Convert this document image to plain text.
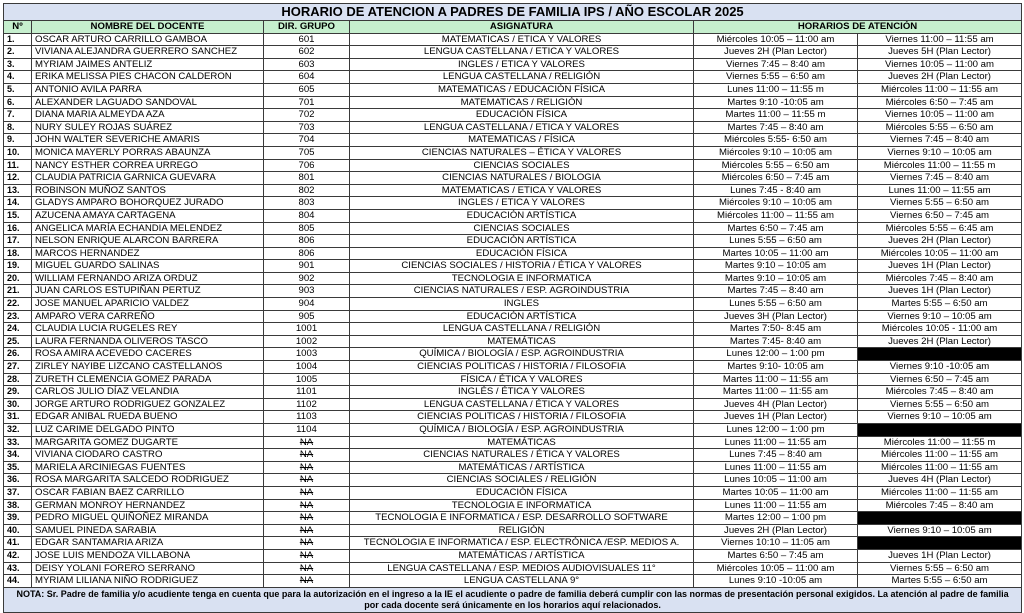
HORARIO DE ATENCION A PADRES DE FAMILIA IPS / AÑO ESCOLAR 2025					
Nº	NOMBRE DEL DOCENTE	DIR. GRUPO	ASIGNATURA	HORARIOS DE ATENCIÓN	
1.	OSCAR ARTURO CARRILLO GAMBOA	601	MATEMATICAS / ETICA Y VALORES	Miércoles 10:05 – 11:00 am	Viernes 11:00 – 11:55 am
2.	VIVIANA ALEJANDRA GUERRERO SANCHEZ	602	LENGUA CASTELLANA / ETICA Y VALORES	Jueves 2H (Plan Lector)	Jueves 5H (Plan Lector)
3.	MYRIAM JAIMES ANTELIZ	603	INGLES / ETICA Y VALORES	Viernes 7:45 – 8:40 am	Viernes 10:05 – 11:00 am
4.	ERIKA MELISSA PIES CHACON CALDERON	604	LENGUA CASTELLANA / RELIGIÓN	Viernes 5:55 – 6:50 am	Jueves 2H (Plan Lector)
5.	ANTONIO AVILA PARRA	605	MATEMATICAS / EDUCACIÓN FÍSICA	Lunes 11:00 – 11:55 m	Miércoles 11:00 – 11:55 am
6.	ALEXANDER LAGUADO SANDOVAL	701	MATEMATICAS / RELIGIÓN	Martes 9:10 -10:05 am	Miércoles 6:50 – 7:45 am
7.	DIANA MARIA ALMEYDA AZA	702	EDUCACIÓN FÍSICA	Martes 11:00 – 11:55 m	Viernes 10:05 – 11:00 am
8.	NURY SULEY ROJAS SUÁREZ	703	LENGUA CASTELLANA / ETICA Y VALORES	Martes 7:45 – 8:40 am	Miércoles 5:55 – 6:50 am
9.	JOHN WALTER SEVERICHE AMARIS	704	MATEMATICAS / FÍSICA	Miércoles 5:55- 6:50 am	Viernes 7:45 – 8:40 am
10.	MONICA MAYERLY PORRAS ABAUNZA	705	CIENCIAS NATURALES – ÉTICA Y VALORES	Miércoles 9:10 – 10:05 am	Viernes 9:10 – 10:05 am
11.	NANCY ESTHER CORREA URREGO	706	CIENCIAS SOCIALES	Miércoles 5:55 – 6:50 am	Miércoles 11:00 – 11:55 m
12.	CLAUDIA PATRICIA GARNICA GUEVARA	801	CIENCIAS NATURALES / BIOLOGIA	Miércoles 6:50 – 7:45 am	Viernes 7:45 – 8:40 am
13.	ROBINSON MUÑOZ SANTOS	802	MATEMATICAS / ETICA Y VALORES	Lunes 7:45 - 8:40 am	Lunes 11:00 – 11:55 am
14.	GLADYS AMPARO BOHORQUEZ JURADO	803	INGLES / ETICA Y VALORES	Miércoles 9:10 – 10:05 am	Viernes 5:55 – 6:50 am
15.	AZUCENA AMAYA CARTAGENA	804	EDUCACIÓN ARTÍSTICA	Miércoles 11:00 – 11:55 am	Viernes 6:50 – 7:45 am
16.	ANGELICA MARÍA ECHANDIA MELENDEZ	805	CIENCIAS SOCIALES	Martes 6:50 – 7:45 am	Miércoles 5:55 – 6:45 am
17.	NELSON ENRIQUE ALARCON BARRERA	806	EDUCACIÓN ARTÍSTICA	Lunes 5:55 – 6:50 am	Jueves 2H (Plan Lector)
18.	MARCOS HERNANDEZ	806	EDUCACIÓN FÍSICA	Martes 10:05 – 11:00 am	Miércoles 10:05 – 11:00 am
19.	MIGUEL GUARDO SALINAS	901	CIENCIAS SOCIALES / HISTORIA / ÉTICA Y VALORES	Martes 9:10 – 10:05 am	Jueves 1H (Plan Lector)
20.	WILLIAM FERNANDO ARIZA ORDUZ	902	TECNOLOGIA E INFORMATICA	Martes 9:10 – 10:05 am	Miércoles 7:45 – 8:40 am
21.	JUAN CARLOS ESTUPIÑAN PERTUZ	903	CIENCIAS NATURALES / ESP. AGROINDUSTRIA	Martes 7:45 – 8:40 am	Jueves 1H (Plan Lector)
22.	JOSE MANUEL APARICIO VALDEZ	904	INGLES	Lunes 5:55 – 6:50 am	Martes 5:55 – 6:50 am
23.	AMPARO VERA CARREÑO	905	EDUCACIÓN ARTÍSTICA	Jueves 3H (Plan Lector)	Viernes 9:10 – 10:05 am
24.	CLAUDIA LUCIA RUGELES REY	1001	LENGUA CASTELLANA / RELIGIÓN	Martes 7:50- 8:45 am	Miércoles 10:05 - 11:00 am
25.	LAURA FERNANDA OLIVEROS TASCO	1002	MATEMÁTICAS	Martes 7:45- 8:40 am	Jueves 2H (Plan Lector)
26.	ROSA AMIRA ACEVEDO CACERES	1003	QUÍMICA / BIOLOGÍA / ESP. AGROINDUSTRIA	Lunes 12:00 – 1:00 pm	
27.	ZIRLEY NAYIBE LIZCANO CASTELLANOS	1004	CIENCIAS POLITICAS / HISTORIA / FILOSOFIA	Martes 9:10- 10:05 am	Viernes 9:10 -10:05 am
28.	ZURETH CLEMENCIA GOMEZ PARADA	1005	FÍSICA / ÉTICA Y VALORES	Martes 11:00 – 11:55 am	Viernes 6:50 – 7:45 am
29.	CARLOS JULIO DÍAZ VELANDIA	1101	INGLÉS / ÉTICA Y VALORES	Martes 11:00 – 11:55 am	Miércoles 7:45 – 8:40 am
30.	JORGE ARTURO RODRIGUEZ GONZALEZ	1102	LENGUA CASTELLANA / ÉTICA Y VALORES	Jueves 4H (Plan Lector)	Viernes 5:55 – 6:50 am
31.	EDGAR ANIBAL RUEDA BUENO	1103	CIENCIAS POLITICAS / HISTORIA / FILOSOFIA	Jueves 1H (Plan Lector)	Viernes 9:10 – 10:05 am
32.	LUZ CARIME DELGADO PINTO	1104	QUÍMICA / BIOLOGÍA / ESP. AGROINDUSTRIA	Lunes 12:00 – 1:00 pm	
33.	MARGARITA GOMEZ DUGARTE	NA	MATEMÁTICAS	Lunes 11:00 – 11:55 am	Miércoles 11:00 – 11:55 m
34.	VIVIANA CIODARO CASTRO	NA	CIENCIAS NATURALES / ÉTICA Y VALORES	Lunes 7:45 – 8:40 am	Miércoles 11:00 – 11:55 am
35.	MARIELA ARCINIEGAS FUENTES	NA	MATEMÁTICAS / ARTÍSTICA	Lunes 11:00 – 11:55 am	Miércoles 11:00 – 11:55 am
36.	ROSA MARGARITA SALCEDO RODRIGUEZ	NA	CIENCIAS SOCIALES / RELIGIÓN	Lunes 10:05 – 11:00 am	Jueves 4H (Plan Lector)
37.	OSCAR FABIAN BAEZ CARRILLO	NA	EDUCACIÓN FÍSICA	Martes 10:05 – 11:00 am	Miércoles 11:00 – 11:55 am
38.	GERMAN MONROY HERNANDEZ	NA	TECNOLOGIA E INFORMATICA	Lunes 11:00 – 11:55 am	Miércoles 7:45 – 8:40 am
39.	PEDRO MIGUEL QUIÑOÑEZ MIRANDA	NA	TECNOLOGIA E INFORMATICA / ESP. DESARROLLO SOFTWARE	Martes 12:00 – 1:00 pm	
40.	SAMUEL PINEDA SARABIA	NA	RELIGIÓN	Jueves 2H (Plan Lector)	Viernes 9:10 – 10:05 am
41.	EDGAR SANTAMARIA ARIZA	NA	TECNOLOGIA E INFORMATICA / ESP. ELECTRÓNICA /ESP. MEDIOS A.	Viernes 10:10 – 11:05 am	
42.	JOSE LUIS MENDOZA VILLABONA	NA	MATEMÁTICAS / ARTÍSTICA	Martes 6:50 – 7:45 am	Jueves 1H (Plan Lector)
43.	DEISY YOLANI FORERO SERRANO	NA	LENGUA CASTELLANA / ESP. MEDIOS AUDIOVISUALES 11°	Miércoles 10:05 – 11:00 am	Viernes 5:55 – 6:50 am
44.	MYRIAM LILIANA NIÑO RODRIGUEZ	NA	LENGUA CASTELLANA 9°	Lunes 9:10 -10:05 am	Martes 5:55 – 6:50 am
NOTA: Sr. Padre de familia y/o acudiente tenga en cuenta que para la autorización en el ingreso a la IE el acudiente o padre de familia deberá cumplir con las normas de presentación personal exigidos. La atención al padre de familia por cada docente será únicamente en los horarios aquí relacionados.					
